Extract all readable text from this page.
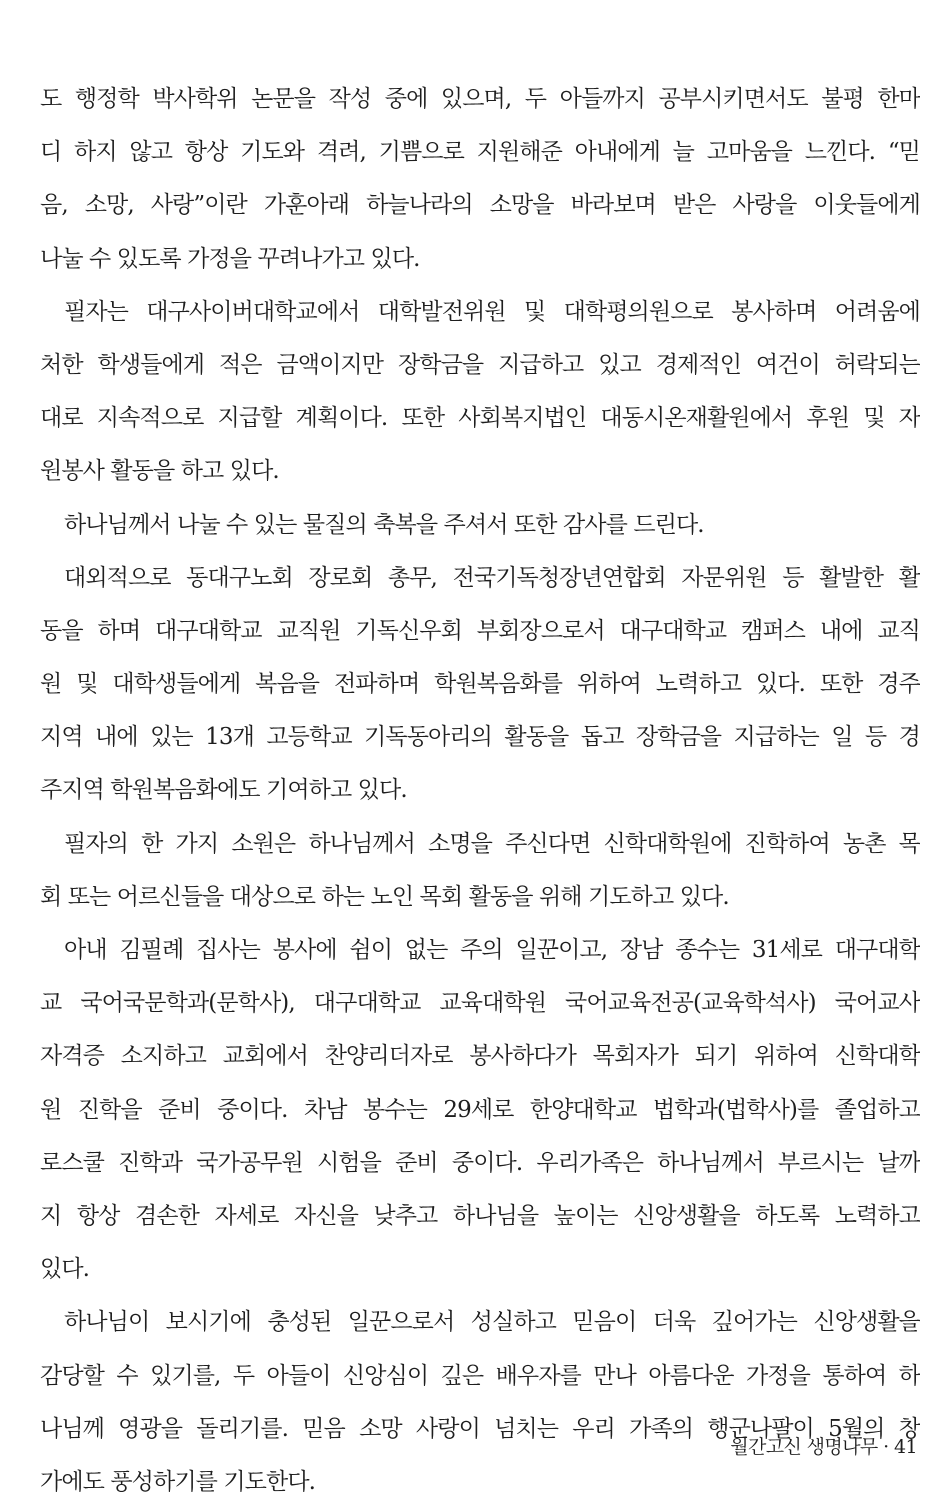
도 행정학 박사학위 논문을 작성 중에 있으며, 두 아들까지 공부시키면서도 불평 한마
디 하지 않고 항상 기도와 격려, 기쁨으로 지원해준 아내에게 늘 고마움을 느낀다. “믿
음, 소망, 사랑”이란 가훈아래 하늘나라의 소망을 바라보며 받은 사랑을 이웃들에게
나눌 수 있도록 가정을 꾸려나가고 있다.
필자는 대구사이버대학교에서 대학발전위원 및 대학평의원으로 봉사하며 어려움에
처한 학생들에게 적은 금액이지만 장학금을 지급하고 있고 경제적인 여건이 허락되는
대로 지속적으로 지급할 계획이다. 또한 사회복지법인 대동시온재활원에서 후원 및 자
원봉사 활동을 하고 있다.
하나님께서 나눌 수 있는 물질의 축복을 주셔서 또한 감사를 드린다.
대외적으로 동대구노회 장로회 총무, 전국기독청장년연합회 자문위원 등 활발한 활
동을 하며 대구대학교 교직원 기독신우회 부회장으로서 대구대학교 캠퍼스 내에 교직
원 및 대학생들에게 복음을 전파하며 학원복음화를 위하여 노력하고 있다. 또한 경주
지역 내에 있는 13개 고등학교 기독동아리의 활동을 돕고 장학금을 지급하는 일 등 경
주지역 학원복음화에도 기여하고 있다.
필자의 한 가지 소원은 하나님께서 소명을 주신다면 신학대학원에 진학하여 농촌 목
회 또는 어르신들을 대상으로 하는 노인 목회 활동을 위해 기도하고 있다.
아내 김필례 집사는 봉사에 쉼이 없는 주의 일꾼이고, 장남 종수는 31세로 대구대학
교 국어국문학과(문학사), 대구대학교 교육대학원 국어교육전공(교육학석사) 국어교사
자격증 소지하고 교회에서 찬양리더자로 봉사하다가 목회자가 되기 위하여 신학대학
원 진학을 준비 중이다. 차남 봉수는 29세로 한양대학교 법학과(법학사)를 졸업하고
로스쿨 진학과 국가공무원 시험을 준비 중이다. 우리가족은 하나님께서 부르시는 날까
지 항상 겸손한 자세로 자신을 낮추고 하나님을 높이는 신앙생활을 하도록 노력하고
있다.
하나님이 보시기에 충성된 일꾼으로서 성실하고 믿음이 더욱 깊어가는 신앙생활을
감당할 수 있기를, 두 아들이 신앙심이 깊은 배우자를 만나 아름다운 가정을 통하여 하
나님께 영광을 돌리기를. 믿음 소망 사랑이 넘치는 우리 가족의 행군나팔이 5월의 창
가에도 풍성하기를 기도한다.
월간고신 생명나무 · 41
